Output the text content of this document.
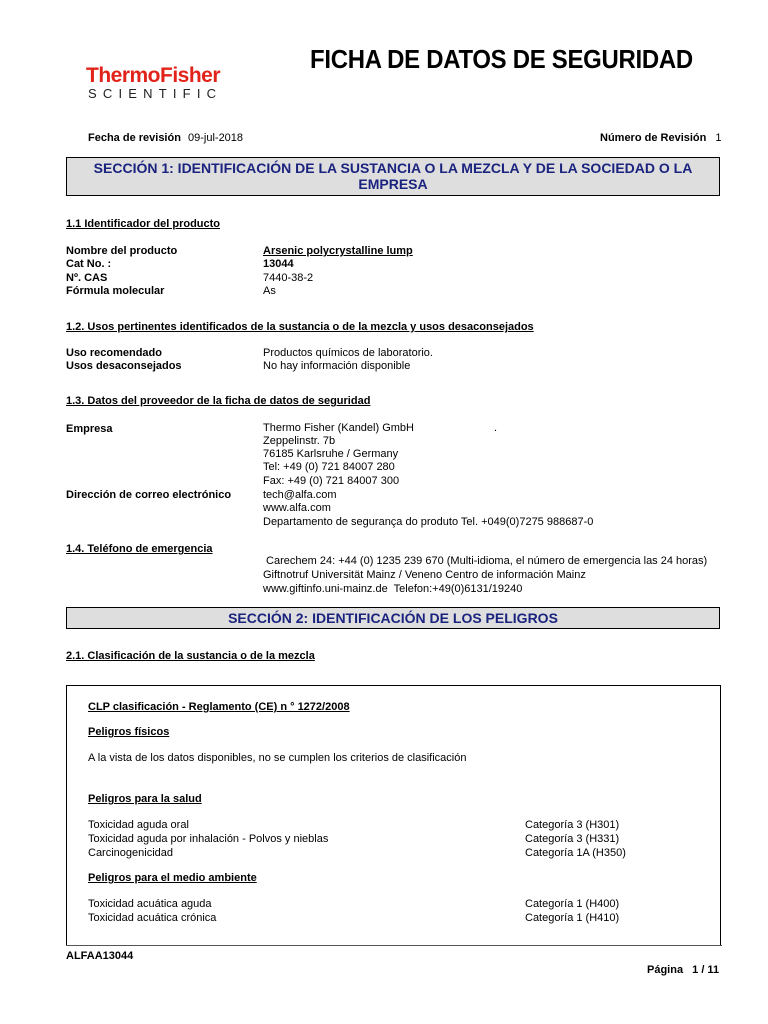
ThermoFisher
SCIENTIFIC
FICHA DE DATOS DE SEGURIDAD
Fecha de revisión 09-jul-2018	Número de Revisión 1
SECCIÓN 1: IDENTIFICACIÓN DE LA SUSTANCIA O LA MEZCLA Y DE LA SOCIEDAD O LA EMPRESA
1.1 Identificador del producto
Nombre del producto	Arsenic polycrystalline lump
Cat No. :	13044
Nº. CAS	7440-38-2
Fórmula molecular	As
1.2. Usos pertinentes identificados de la sustancia o de la mezcla y usos desaconsejados
Uso recomendado	Productos químicos de laboratorio.
Usos desaconsejados	No hay información disponible
1.3. Datos del proveedor de la ficha de datos de seguridad
Empresa	Thermo Fisher (Kandel) GmbH	.
Zeppelinstr. 7b
76185 Karlsruhe / Germany
Tel: +49 (0) 721 84007 280
Fax: +49 (0) 721 84007 300
Dirección de correo electrónico	tech@alfa.com
www.alfa.com
Departamento de segurança do produto Tel. +049(0)7275 988687-0
1.4. Teléfono de emergencia
Carechem 24: +44 (0) 1235 239 670 (Multi-idioma, el número de emergencia las 24 horas)
Giftnotruf Universität Mainz / Veneno Centro de información Mainz
www.giftinfo.uni-mainz.de  Telefon:+49(0)6131/19240
SECCIÓN 2: IDENTIFICACIÓN DE LOS PELIGROS
2.1. Clasificación de la sustancia o de la mezcla
CLP clasificación - Reglamento (CE) n ° 1272/2008
Peligros físicos
A la vista de los datos disponibles, no se cumplen los criterios de clasificación
Peligros para la salud
Toxicidad aguda oral	Categoría 3 (H301)
Toxicidad aguda por inhalación - Polvos y nieblas	Categoría 3 (H331)
Carcinogenicidad	Categoría 1A (H350)
Peligros para el medio ambiente
Toxicidad acuática aguda	Categoría 1 (H400)
Toxicidad acuática crónica	Categoría 1 (H410)
ALFAA13044
Página 1 / 11
